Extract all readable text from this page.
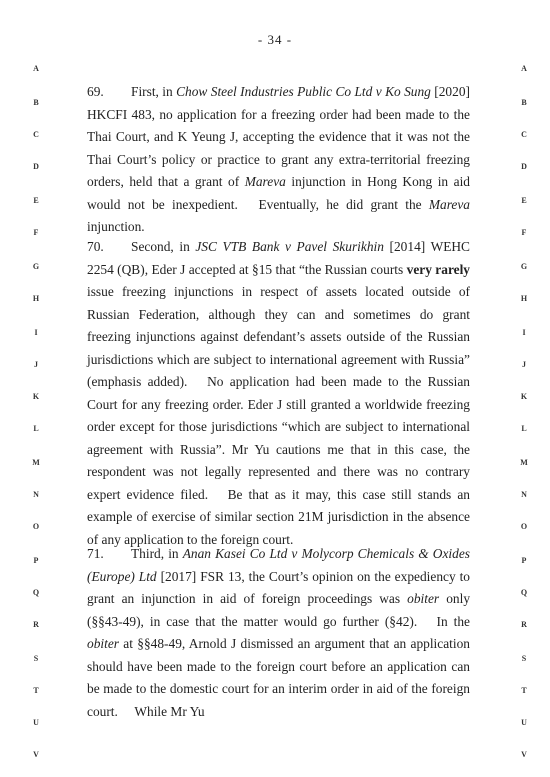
- 34 -
A
B
C
D
E
F
G
H
I
J
K
L
M
N
O
P
Q
R
S
T
U
V
A
B
C
D
E
F
G
H
I
J
K
L
M
N
O
P
Q
R
S
T
U
V
69. First, in Chow Steel Industries Public Co Ltd v Ko Sung [2020] HKCFI 483, no application for a freezing order had been made to the Thai Court, and K Yeung J, accepting the evidence that it was not the Thai Court’s policy or practice to grant any extra-territorial freezing orders, held that a grant of Mareva injunction in Hong Kong in aid would not be inexpedient.  Eventually, he did grant the Mareva injunction.
70. Second, in JSC VTB Bank v Pavel Skurikhin [2014] WEHC 2254 (QB), Eder J accepted at §15 that “the Russian courts very rarely issue freezing injunctions in respect of assets located outside of Russian Federation, although they can and sometimes do grant freezing injunctions against defendant’s assets outside of the Russian jurisdictions which are subject to international agreement with Russia” (emphasis added).  No application had been made to the Russian Court for any freezing order. Eder J still granted a worldwide freezing order except for those jurisdictions “which are subject to international agreement with Russia”. Mr Yu cautions me that in this case, the respondent was not legally represented and there was no contrary expert evidence filed.  Be that as it may, this case still stands an example of exercise of similar section 21M jurisdiction in the absence of any application to the foreign court.
71. Third, in Anan Kasei Co Ltd v Molycorp Chemicals & Oxides (Europe) Ltd [2017] FSR 13, the Court’s opinion on the expediency to grant an injunction in aid of foreign proceedings was obiter only (§§43-49), in case that the matter would go further (§42).  In the obiter at §§48-49, Arnold J dismissed an argument that an application should have been made to the foreign court before an application can be made to the domestic court for an interim order in aid of the foreign court.  While Mr Yu
